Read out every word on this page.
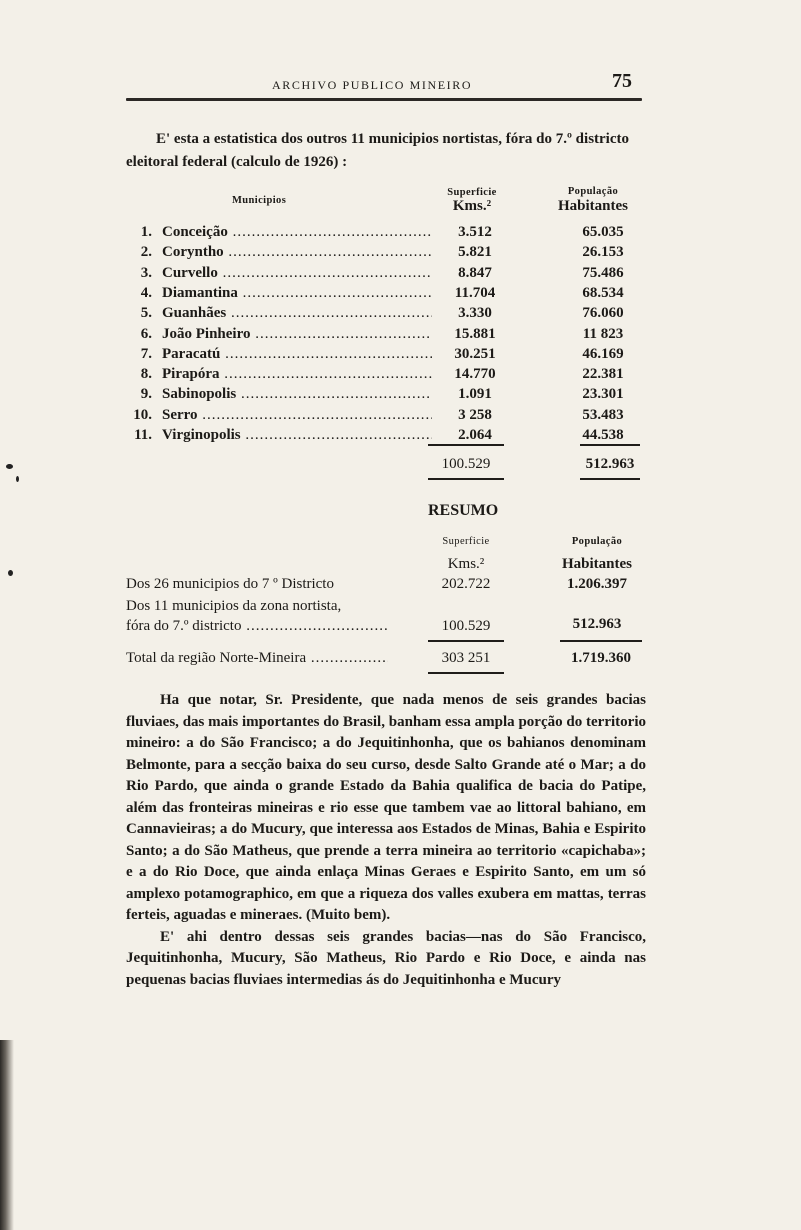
ARCHIVO PUBLICO MINEIRO	75

E' esta a estatistica dos outros 11 municipios nortistas, fóra do 7.º districto eleitoral federal (calculo de 1926) :

Municipios
Superficie
Kms.²
População
Habitantes
1. Conceição .....	3.512	65.035
2. Corynthо .....	5.821	26.153
3. Curvello .....	8.847	75.486
4. Diamantina .....	11.704	68.534
5. Guanhães .....	3.330	76.060
6. João Pinheiro .....	15.881	11 823
7. Paracatú .....	30.251	46.169
8. Pirapóra .....	14.770	22.381
9. Sabinopolis .....	1.091	23.301
10. Serro .....	3 258	53.483
11. Virginopolis .....	2.064	44.538
100.529	512.963
RESUMO
Superficie	População
Kms.²	Habitantes
Dos 26 municipios do 7 º Districto	202.722	1.206.397
Dos 11 municipios da zona nortista,
fóra do 7.º districto .....	100.529	512.963
Total da região Norte-Mineira .....	303 251	1.719.360

Ha que notar, Sr. Presidente, que nada menos de seis grandes bacias fluviaes, das mais importantes do Brasil, banham essa ampla porção do territorio mineiro: a do São Francisco; a do Jequitinhonha, que os bahianos denominam Belmonte, para a secção baixa do seu curso, desde Salto Grande até o Mar; a do Rio Pardo, que ainda o grande Estado da Bahia qualifica de bacia do Patipe, além das fronteiras mineiras e rio esse que tambem vae ao littoral bahiano, em Cannavieiras; a do Mucury, que interessa aos Estados de Minas, Bahia e Espirito Santo; a do São Matheus, que prende a terra mineira ao territorio «capichaba»; e a do Rio Doce, que ainda enlaça Minas Geraes e Espirito Santo, em um só amplexo potamographico, em que a riqueza dos valles exubera em mattas, terras ferteis, aguadas e mineraes. (Muito bem).

E' ahi dentro dessas seis grandes bacias—nas do São Francisco, Jequitinhonha, Mucury, São Matheus, Rio Pardo e Rio Doce, e ainda nas pequenas bacias fluviaes intermedias ás do Jequitinhonha e Mucury
